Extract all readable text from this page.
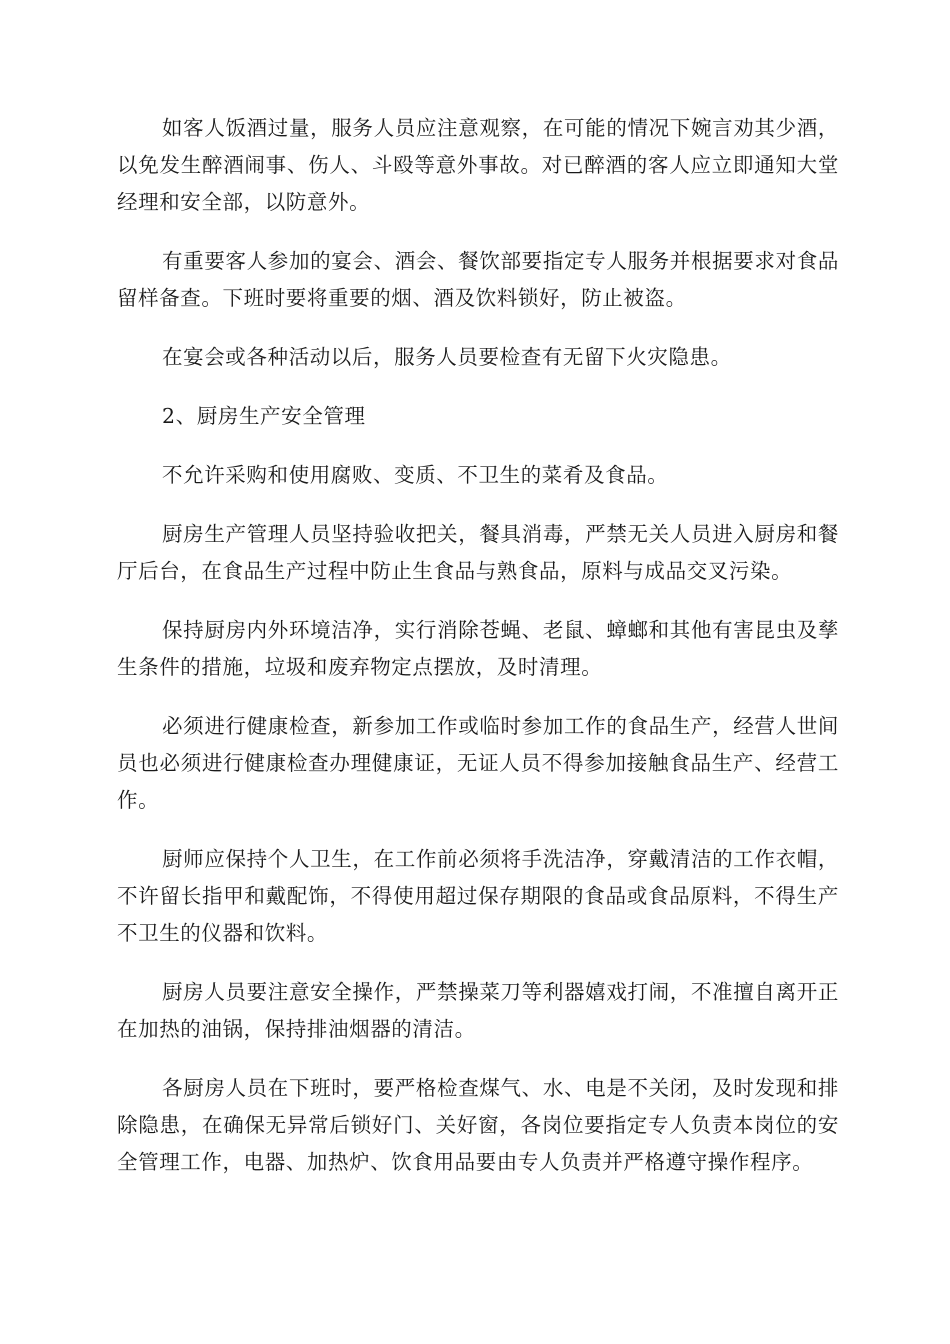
如客人饭酒过量，服务人员应注意观察，在可能的情况下婉言劝其少酒，以免发生醉酒闹事、伤人、斗殴等意外事故。对已醉酒的客人应立即通知大堂经理和安全部，以防意外。

有重要客人参加的宴会、酒会、餐饮部要指定专人服务并根据要求对食品留样备查。下班时要将重要的烟、酒及饮料锁好，防止被盗。

在宴会或各种活动以后，服务人员要检查有无留下火灾隐患。

2、厨房生产安全管理

不允许采购和使用腐败、变质、不卫生的菜肴及食品。

厨房生产管理人员坚持验收把关，餐具消毒，严禁无关人员进入厨房和餐厅后台，在食品生产过程中防止生食品与熟食品，原料与成品交叉污染。

保持厨房内外环境洁净，实行消除苍蝇、老鼠、蟑螂和其他有害昆虫及孳生条件的措施，垃圾和废弃物定点摆放，及时清理。

必须进行健康检查，新参加工作或临时参加工作的食品生产，经营人世间员也必须进行健康检查办理健康证，无证人员不得参加接触食品生产、经营工作。

厨师应保持个人卫生，在工作前必须将手洗洁净，穿戴清洁的工作衣帽，不许留长指甲和戴配饰，不得使用超过保存期限的食品或食品原料，不得生产不卫生的仪器和饮料。

厨房人员要注意安全操作，严禁操菜刀等利器嬉戏打闹，不准擅自离开正在加热的油锅，保持排油烟器的清洁。

各厨房人员在下班时，要严格检查煤气、水、电是不关闭，及时发现和排除隐患，在确保无异常后锁好门、关好窗，各岗位要指定专人负责本岗位的安全管理工作，电器、加热炉、饮食用品要由专人负责并严格遵守操作程序。
